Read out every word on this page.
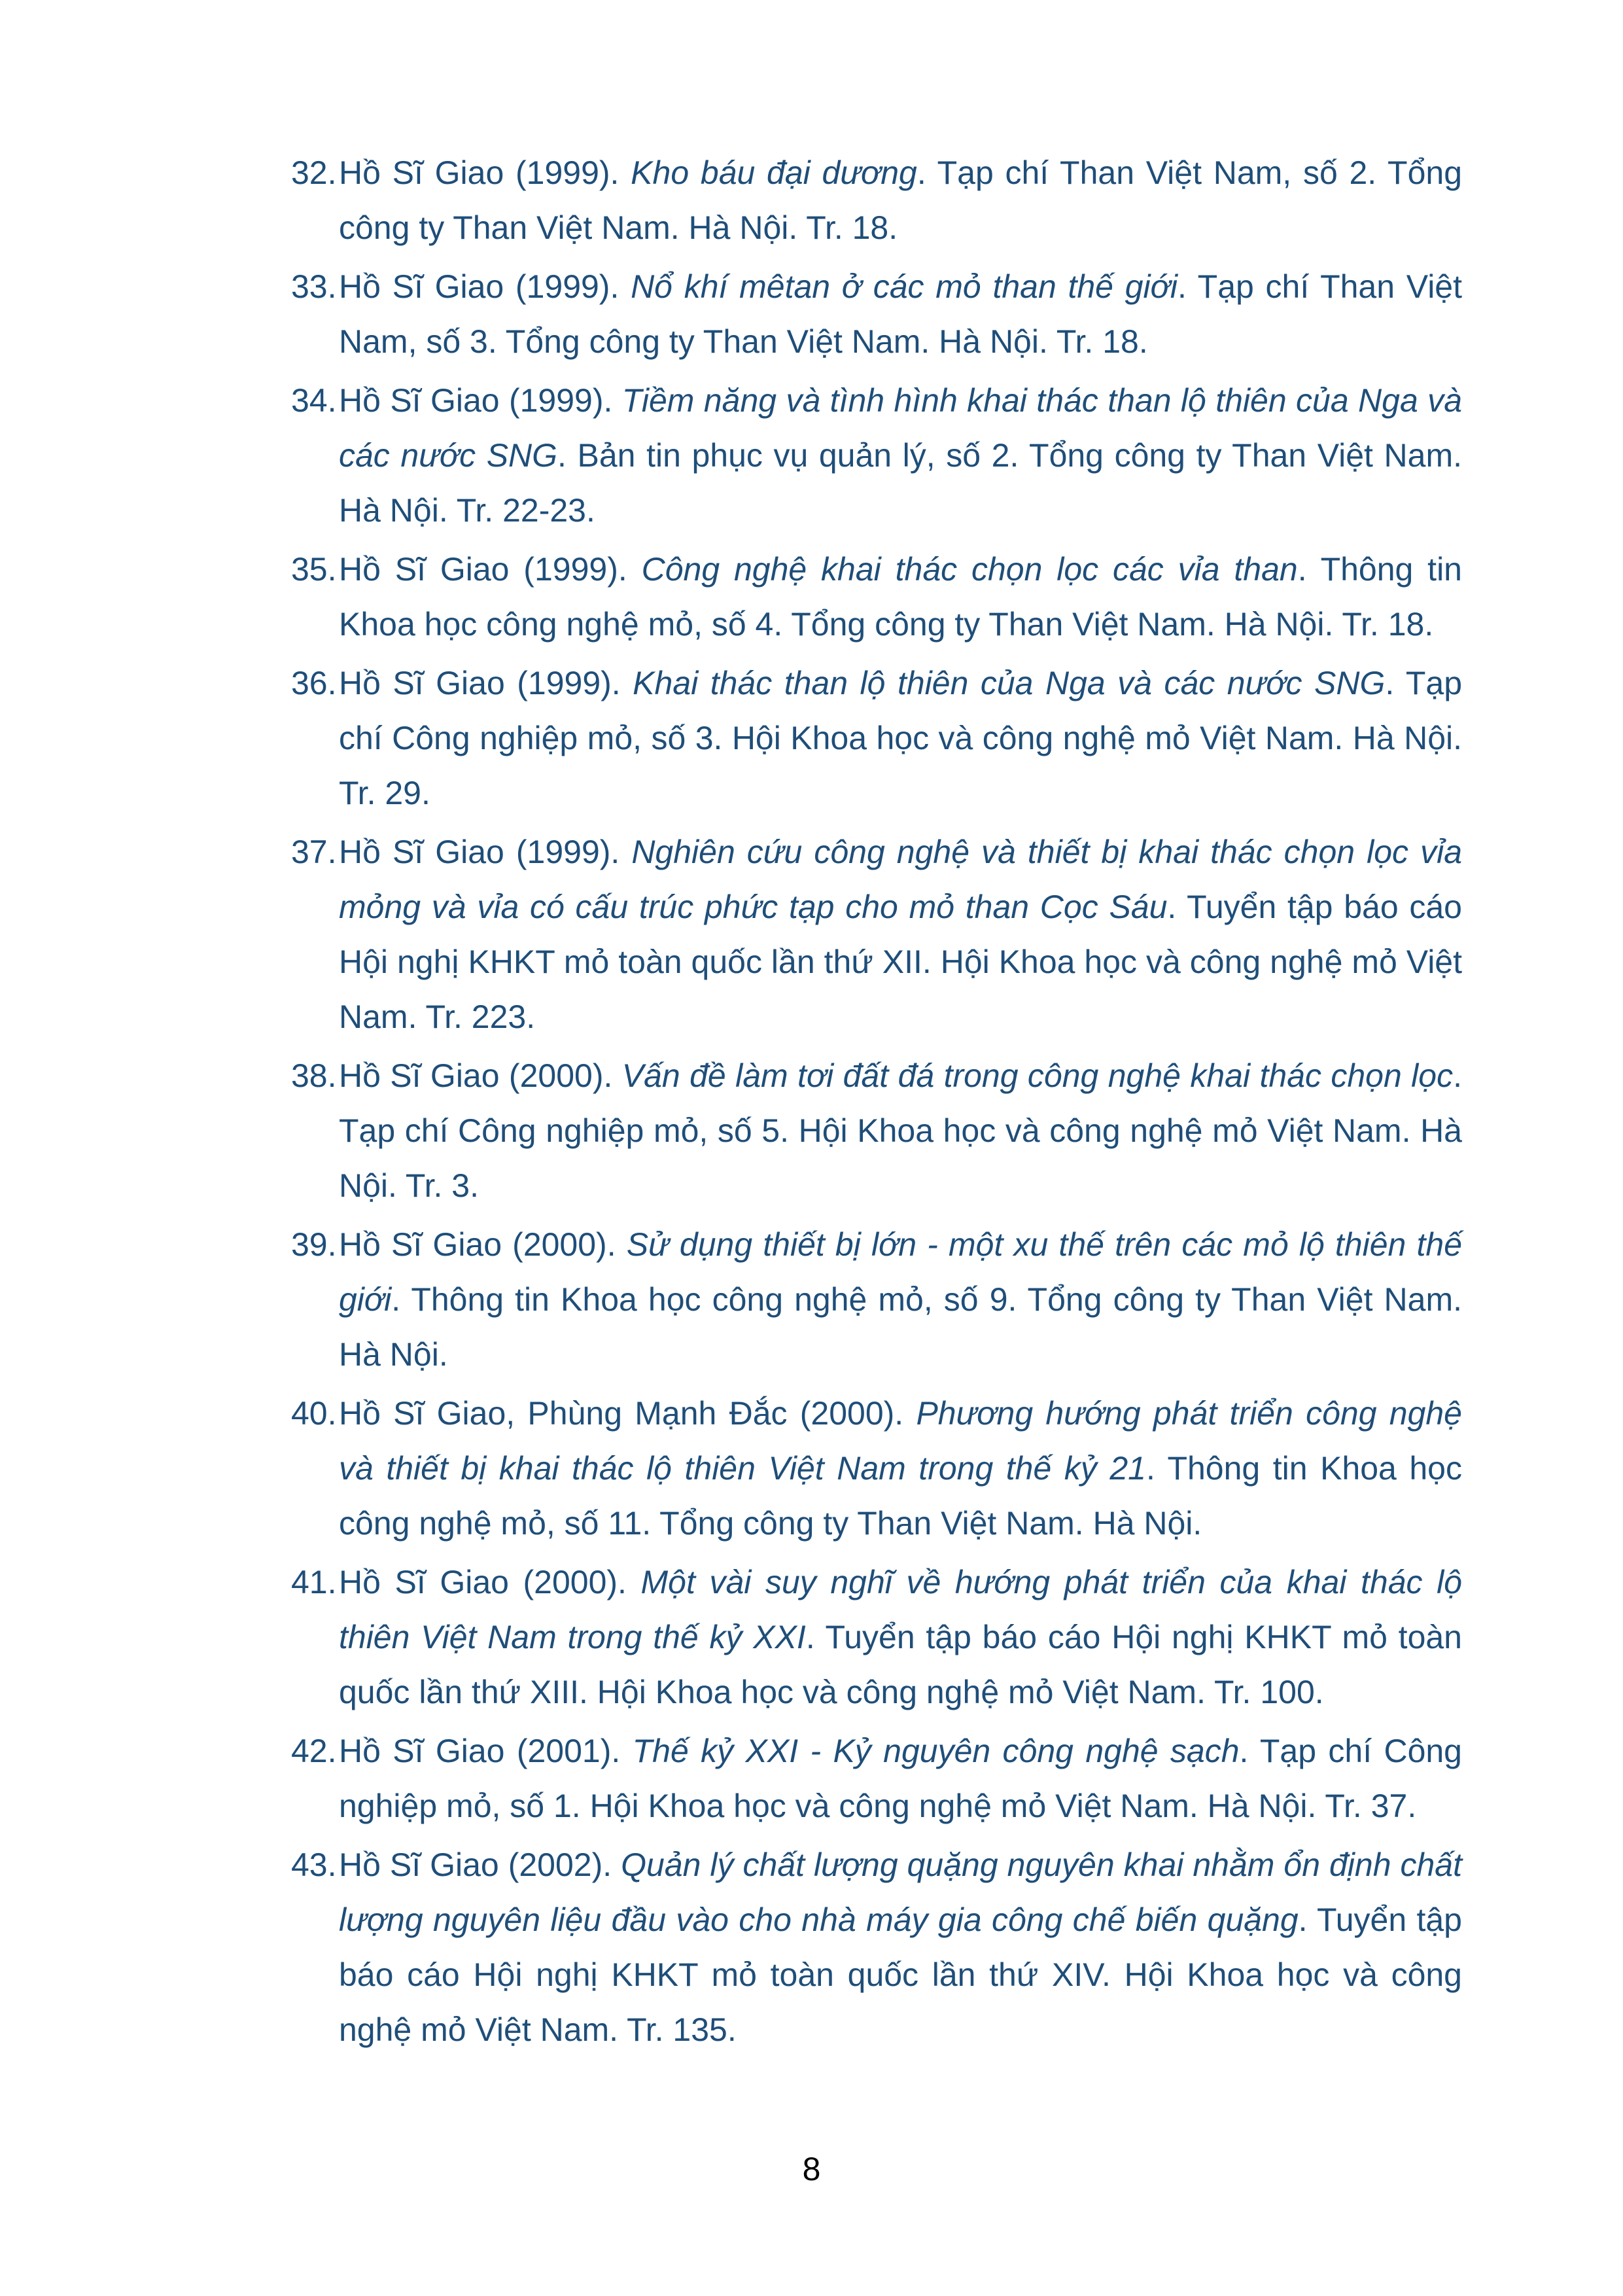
32. Hồ Sĩ Giao (1999). Kho báu đại dương. Tạp chí Than Việt Nam, số 2. Tổng công ty Than Việt Nam. Hà Nội. Tr. 18.
33. Hồ Sĩ Giao (1999). Nổ khí mêtan ở các mỏ than thế giới. Tạp chí Than Việt Nam, số 3. Tổng công ty Than Việt Nam. Hà Nội. Tr. 18.
34. Hồ Sĩ Giao (1999). Tiềm năng và tình hình khai thác than lộ thiên của Nga và các nước SNG. Bản tin phục vụ quản lý, số 2. Tổng công ty Than Việt Nam. Hà Nội. Tr. 22-23.
35. Hồ Sĩ Giao (1999). Công nghệ khai thác chọn lọc các vỉa than. Thông tin Khoa học công nghệ mỏ, số 4. Tổng công ty Than Việt Nam. Hà Nội. Tr. 18.
36. Hồ Sĩ Giao (1999). Khai thác than lộ thiên của Nga và các nước SNG. Tạp chí Công nghiệp mỏ, số 3. Hội Khoa học và công nghệ mỏ Việt Nam. Hà Nội. Tr. 29.
37. Hồ Sĩ Giao (1999). Nghiên cứu công nghệ và thiết bị khai thác chọn lọc vỉa mỏng và vỉa có cấu trúc phức tạp cho mỏ than Cọc Sáu. Tuyển tập báo cáo Hội nghị KHKT mỏ toàn quốc lần thứ XII. Hội Khoa học và công nghệ mỏ Việt Nam. Tr. 223.
38. Hồ Sĩ Giao (2000). Vấn đề làm tơi đất đá trong công nghệ khai thác chọn lọc. Tạp chí Công nghiệp mỏ, số 5. Hội Khoa học và công nghệ mỏ Việt Nam. Hà Nội. Tr. 3.
39. Hồ Sĩ Giao (2000). Sử dụng thiết bị lớn - một xu thế trên các mỏ lộ thiên thế giới. Thông tin Khoa học công nghệ mỏ, số 9. Tổng công ty Than Việt Nam. Hà Nội.
40. Hồ Sĩ Giao, Phùng Mạnh Đắc (2000). Phương hướng phát triển công nghệ và thiết bị khai thác lộ thiên Việt Nam trong thế kỷ 21. Thông tin Khoa học công nghệ mỏ, số 11. Tổng công ty Than Việt Nam. Hà Nội.
41. Hồ Sĩ Giao (2000). Một vài suy nghĩ về hướng phát triển của khai thác lộ thiên Việt Nam trong thế kỷ XXI. Tuyển tập báo cáo Hội nghị KHKT mỏ toàn quốc lần thứ XIII. Hội Khoa học và công nghệ mỏ Việt Nam. Tr. 100.
42. Hồ Sĩ Giao (2001). Thế kỷ XXI - Kỷ nguyên công nghệ sạch. Tạp chí Công nghiệp mỏ, số 1. Hội Khoa học và công nghệ mỏ Việt Nam. Hà Nội. Tr. 37.
43. Hồ Sĩ Giao (2002). Quản lý chất lượng quặng nguyên khai nhằm ổn định chất lượng nguyên liệu đầu vào cho nhà máy gia công chế biến quặng. Tuyển tập báo cáo Hội nghị KHKT mỏ toàn quốc lần thứ XIV. Hội Khoa học và công nghệ mỏ Việt Nam. Tr. 135.
8
